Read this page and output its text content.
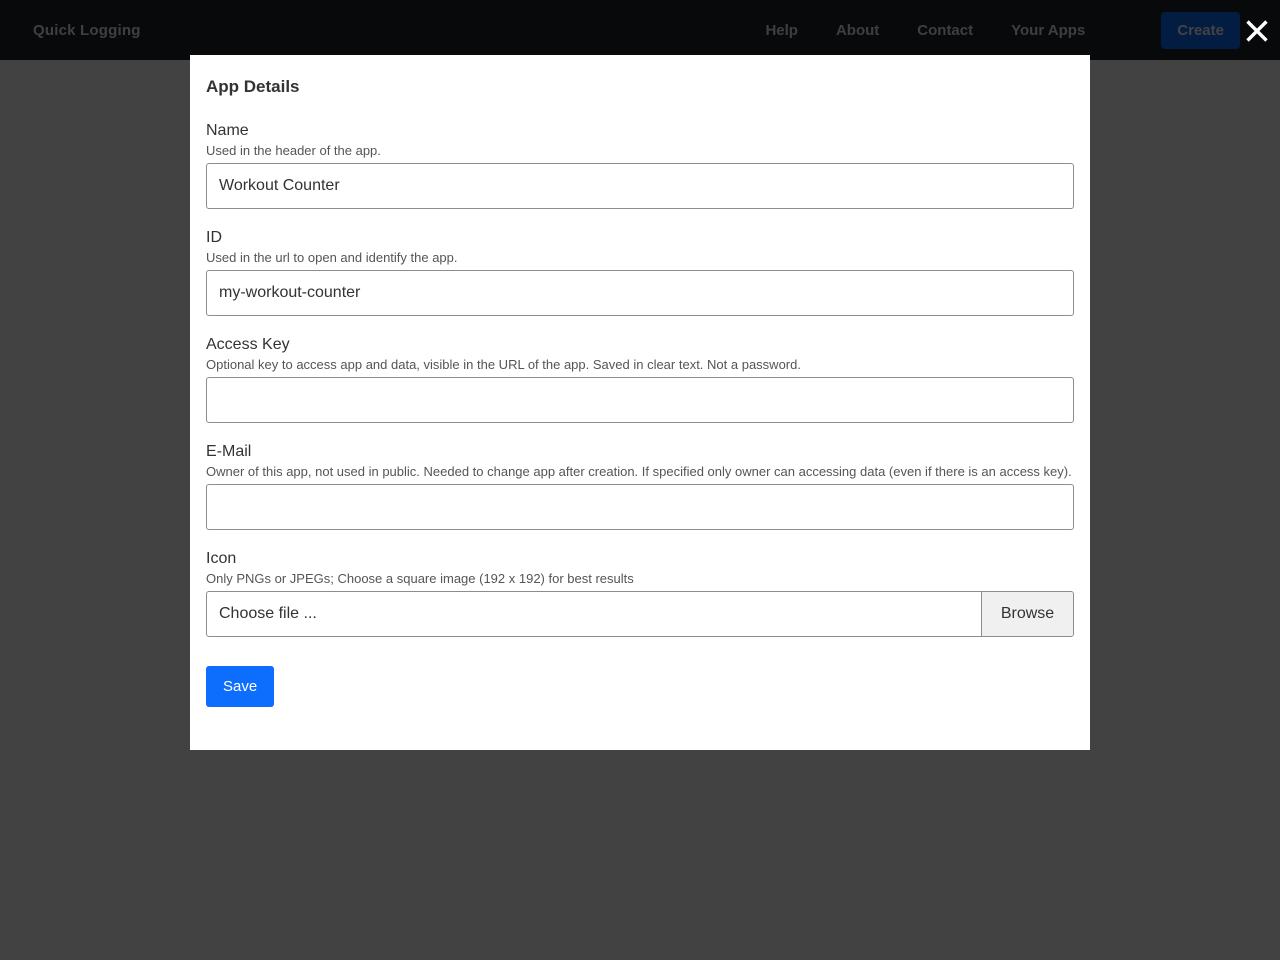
App Details
Name
Used in the header of the app.
Workout Counter
ID
Used in the url to open and identify the app.
my-workout-counter
Access Key
Optional key to access app and data, visible in the URL of the app. Saved in clear text. Not a password.
E-Mail
Owner of this app, not used in public. Needed to change app after creation. If specified only owner can accessing data (even if there is an access key).
Icon
Only PNGs or JPEGs; Choose a square image (192 x 192) for best results
Choose file ...	Browse
Save
